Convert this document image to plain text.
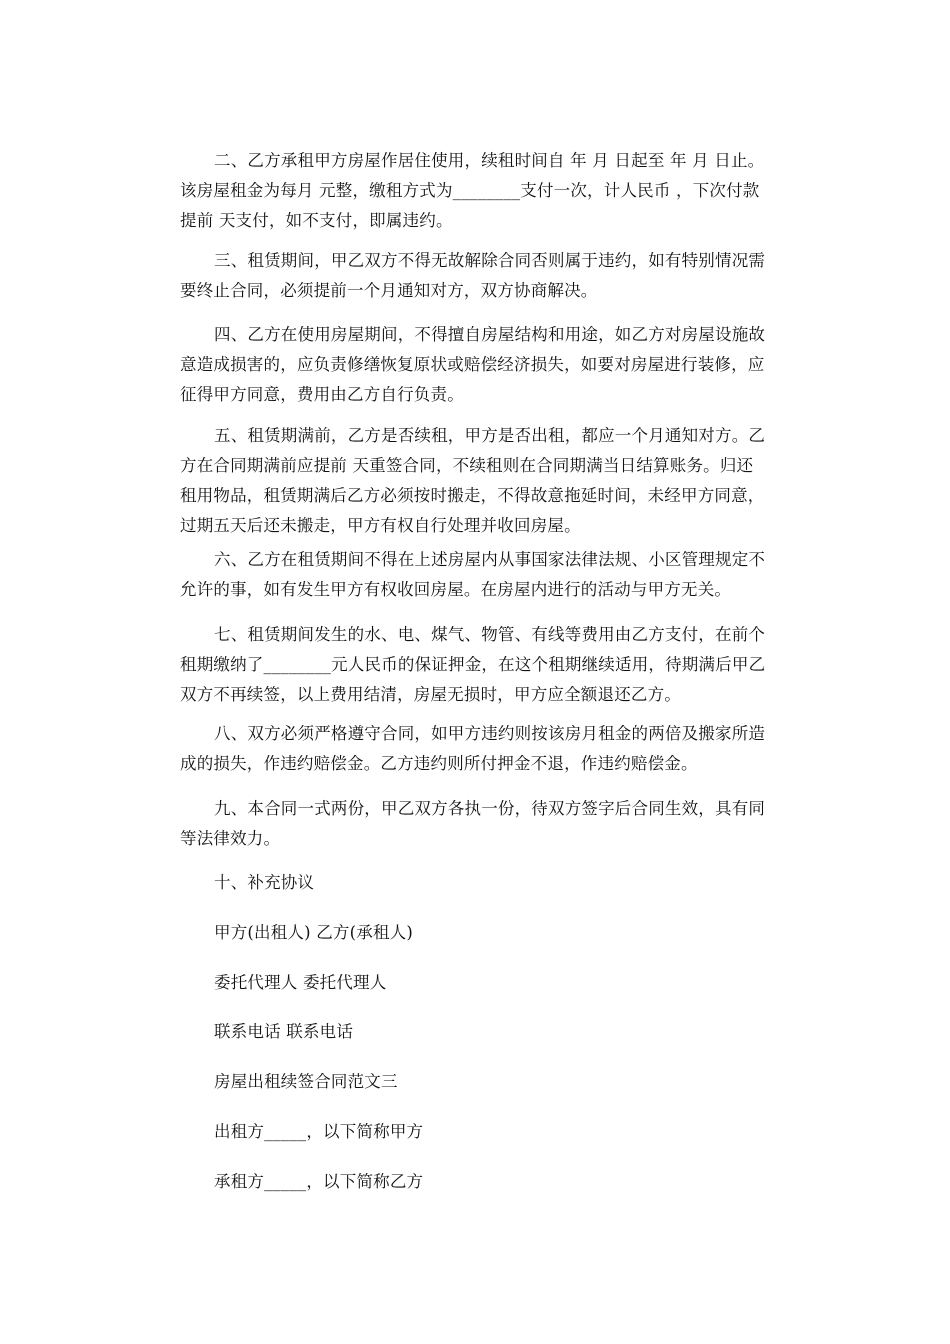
二、乙方承租甲方房屋作居住使用，续租时间自 年 月 日起至 年 月 日止。
该房屋租金为每月 元整，缴租方式为________支付一次，计人民币 ，下次付款
提前 天支付，如不支付，即属违约。
三、租赁期间，甲乙双方不得无故解除合同否则属于违约，如有特别情况需
要终止合同，必须提前一个月通知对方，双方协商解决。
四、乙方在使用房屋期间，不得擅自房屋结构和用途，如乙方对房屋设施故
意造成损害的，应负责修缮恢复原状或赔偿经济损失，如要对房屋进行装修，应
征得甲方同意，费用由乙方自行负责。
五、租赁期满前，乙方是否续租，甲方是否出租，都应一个月通知对方。乙
方在合同期满前应提前 天重签合同，不续租则在合同期满当日结算账务。归还
租用物品，租赁期满后乙方必须按时搬走，不得故意拖延时间，未经甲方同意，
过期五天后还未搬走，甲方有权自行处理并收回房屋。
六、乙方在租赁期间不得在上述房屋内从事国家法律法规、小区管理规定不
允许的事，如有发生甲方有权收回房屋。在房屋内进行的活动与甲方无关。
七、租赁期间发生的水、电、煤气、物管、有线等费用由乙方支付，在前个
租期缴纳了________元人民币的保证押金，在这个租期继续适用，待期满后甲乙
双方不再续签，以上费用结清，房屋无损时，甲方应全额退还乙方。
八、双方必须严格遵守合同，如甲方违约则按该房月租金的两倍及搬家所造
成的损失，作违约赔偿金。乙方违约则所付押金不退，作违约赔偿金。
九、本合同一式两份，甲乙双方各执一份，待双方签字后合同生效，具有同
等法律效力。

十、补充协议

甲方(出租人) 乙方(承租人)

委托代理人 委托代理人

联系电话 联系电话

房屋出租续签合同范文三

出租方_____，以下简称甲方

承租方_____，以下简称乙方
